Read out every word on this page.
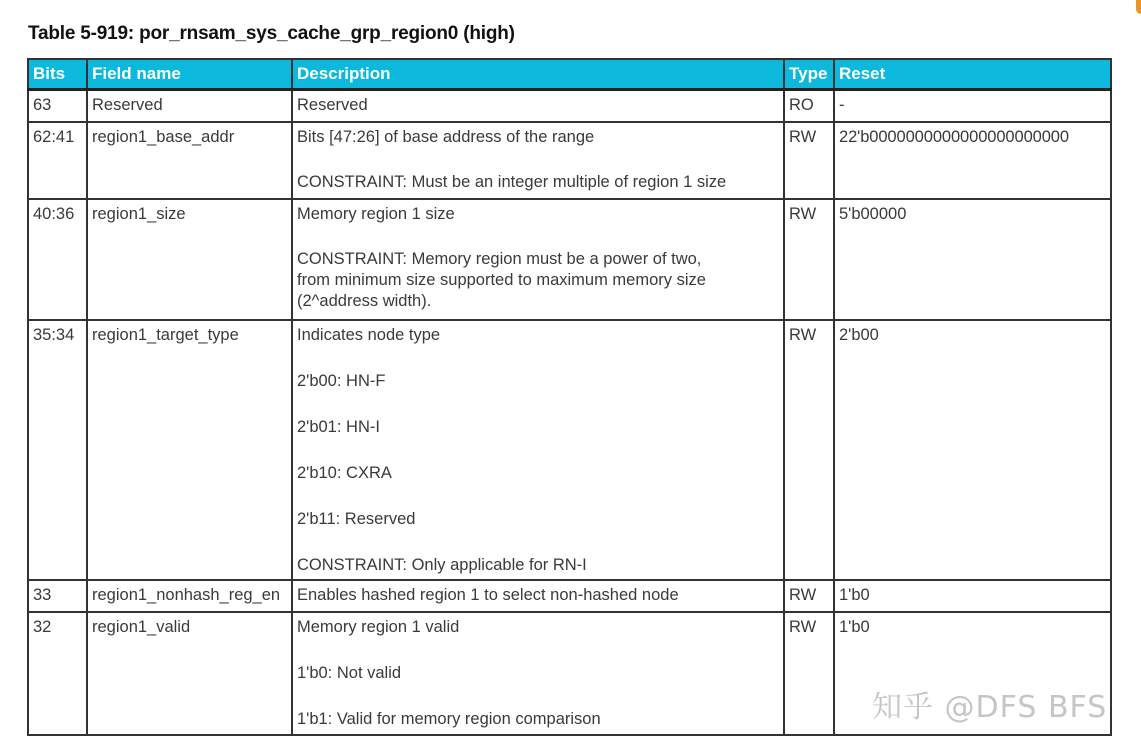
Table 5-919: por_rnsam_sys_cache_grp_region0 (high)
Bits	Field name	Description	Type	Reset
63	Reserved	Reserved	RO	-
62:41	region1_base_addr	Bits [47:26] of base address of the range
CONSTRAINT: Must be an integer multiple of region 1 size	RW	22'b0000000000000000000000
40:36	region1_size	Memory region 1 size
CONSTRAINT: Memory region must be a power of two,
from minimum size supported to maximum memory size
(2^address width).	RW	5'b00000
35:34	region1_target_type	Indicates node type
2'b00: HN-F
2'b01: HN-I
2'b10: CXRA
2'b11: Reserved
CONSTRAINT: Only applicable for RN-I
	RW	2'b00
33	region1_nonhash_reg_en	Enables hashed region 1 to select non-hashed node	RW	1'b0
32	region1_valid	Memory region 1 valid
1'b0: Not valid
1'b1: Valid for memory region comparison	RW	1'b0
知乎 @DFS BFS
